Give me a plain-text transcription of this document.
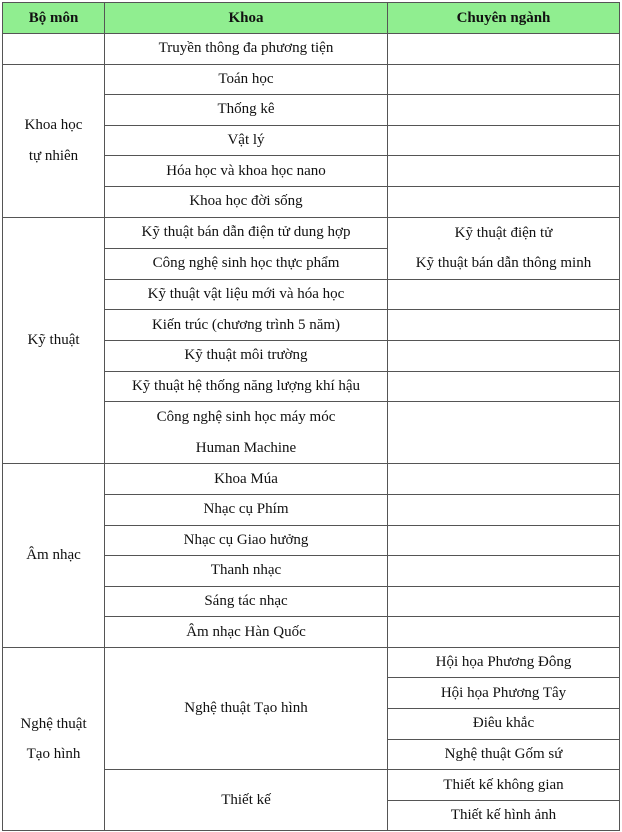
Bộ môn	Khoa	Chuyên ngành
	Truyền thông đa phương tiện	

Khoa học
tự nhiên	Toán học	
	Thống kê	
	Vật lý	
	Hóa học và khoa học nano	
	Khoa học đời sống	
Kỹ thuật	Kỹ thuật bán dẫn điện tử dung hợp	Kỹ thuật điện tử
Kỹ thuật bán dẫn thông minh

	Công nghệ sinh học thực phẩm	
	Kỹ thuật vật liệu mới và hóa học	
	Kiến trúc (chương trình 5 năm)	
	Kỹ thuật môi trường	
	Kỹ thuật hệ thống năng lượng khí hậu	

	Công nghệ sinh học máy móc
Human Machine	

Âm nhạc	Khoa Múa	
	Nhạc cụ Phím	
	Nhạc cụ Giao hưởng	
	Thanh nhạc	
	Sáng tác nhạc	
	Âm nhạc Hàn Quốc	

Nghệ thuật
Tạo hình	Nghệ thuật Tạo hình	Hội họa Phương Đông
		Hội họa Phương Tây
		Điêu khắc
		Nghệ thuật Gốm sứ
	Thiết kế	Thiết kế không gian
		Thiết kế hình ảnh
